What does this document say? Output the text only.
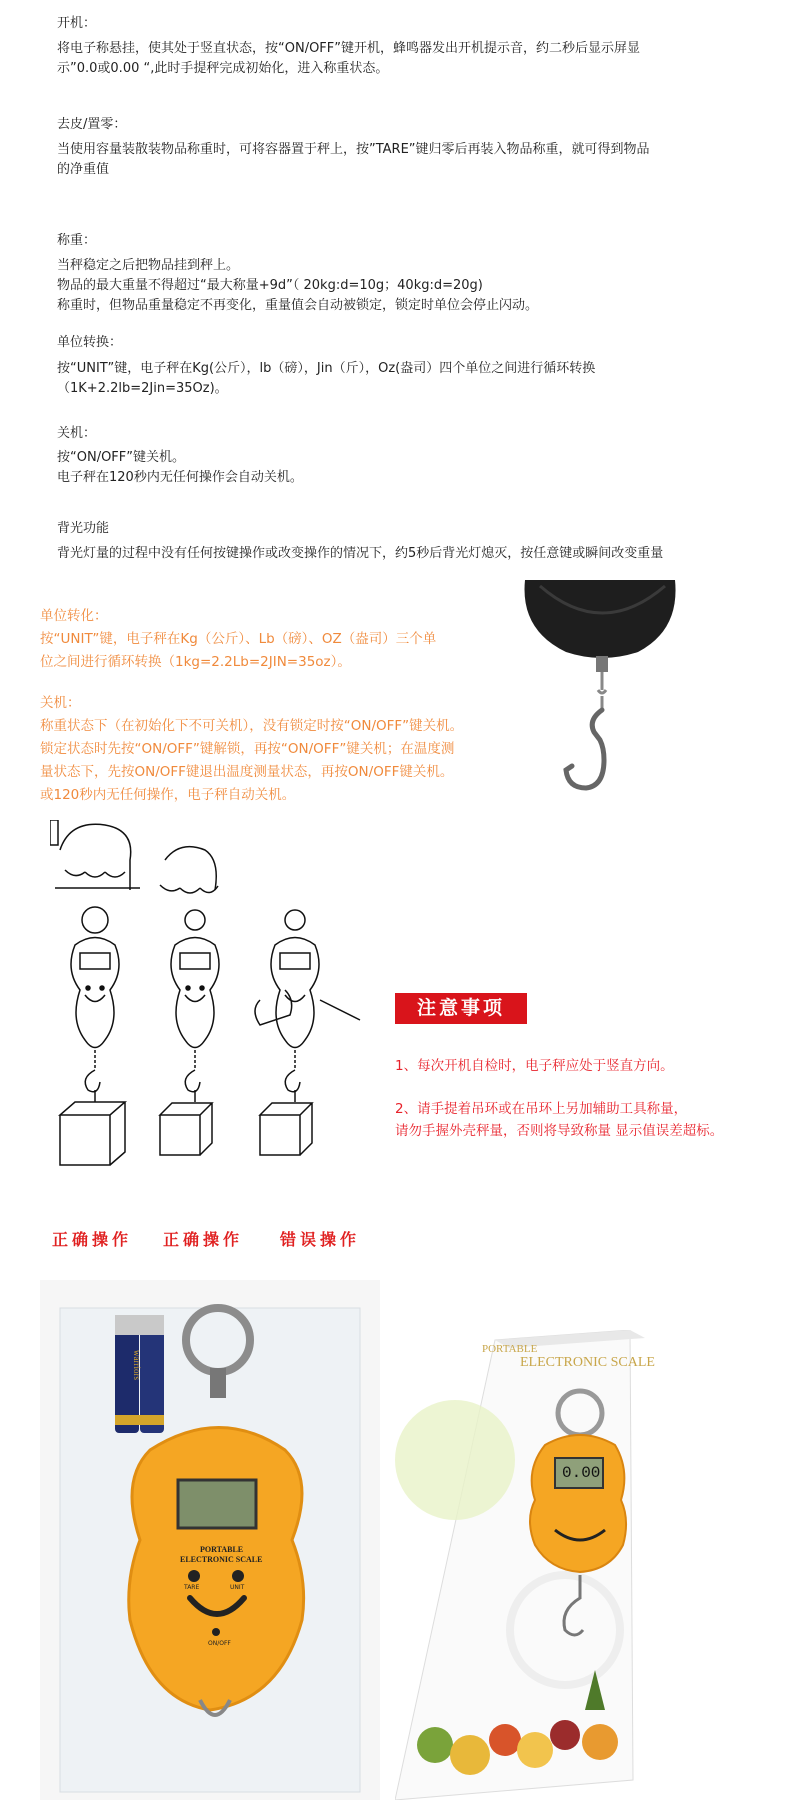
开机：
将电子称悬挂，使其处于竖直状态，按“ON/OFF”键开机，蜂鸣器发出开机提示音，约二秒后显示屏显
示”0.0或0.00 “,此时手提秤完成初始化，进入称重状态。
去皮/置零：
当使用容量装散装物品称重时，可将容器置于秤上，按”TARE”键归零后再装入物品称重，就可得到物品
的净重值
称重：
当秤稳定之后把物品挂到秤上。
物品的最大重量不得超过“最大称量+9d”（ 20kg:d=10g；40kg:d=20g)
称重时，但物品重量稳定不再变化，重量值会自动被锁定，锁定时单位会停止闪动。
单位转换：
按“UNIT”键，电子秤在Kg(公斤），lb（磅），Jin（斤），Oz(盎司）四个单位之间进行循环转换
（1K+2.2lb=2Jin=35Oz)。
关机：
按“ON/OFF”键关机。
电子秤在120秒内无任何操作会自动关机。
背光功能
背光灯量的过程中没有任何按键操作或改变操作的情况下，约5秒后背光灯熄灭，按任意键或瞬间改变重量
单位转化：
按“UNIT”键，电子秤在Kg（公斤）、Lb（磅）、OZ（盎司）三个单
位之间进行循环转换（1kg=2.2Lb=2JIN=35oz）。
关机：
称重状态下（在初始化下不可关机），没有锁定时按“ON/OFF”键关机。
锁定状态时先按“ON/OFF”键解锁，再按“ON/OFF”键关机；在温度测
量状态下，先按ON/OFF键退出温度测量状态，再按ON/OFF键关机。
或120秒内无任何操作，电子秤自动关机。
正确操作 正确操作 错误操作
注意事项
1、每次开机自检时，电子秤应处于竖直方向。
2、请手提着吊环或在吊环上另加辅助工具称量，
请勿手握外壳秤量，否则将导致称量 显示值误差超标。
warriors
PORTABLE
ELECTRONIC SCALE
TARE	UNIT
ON/OFF
PORTABLE
ELECTRONIC SCALE
0.00
